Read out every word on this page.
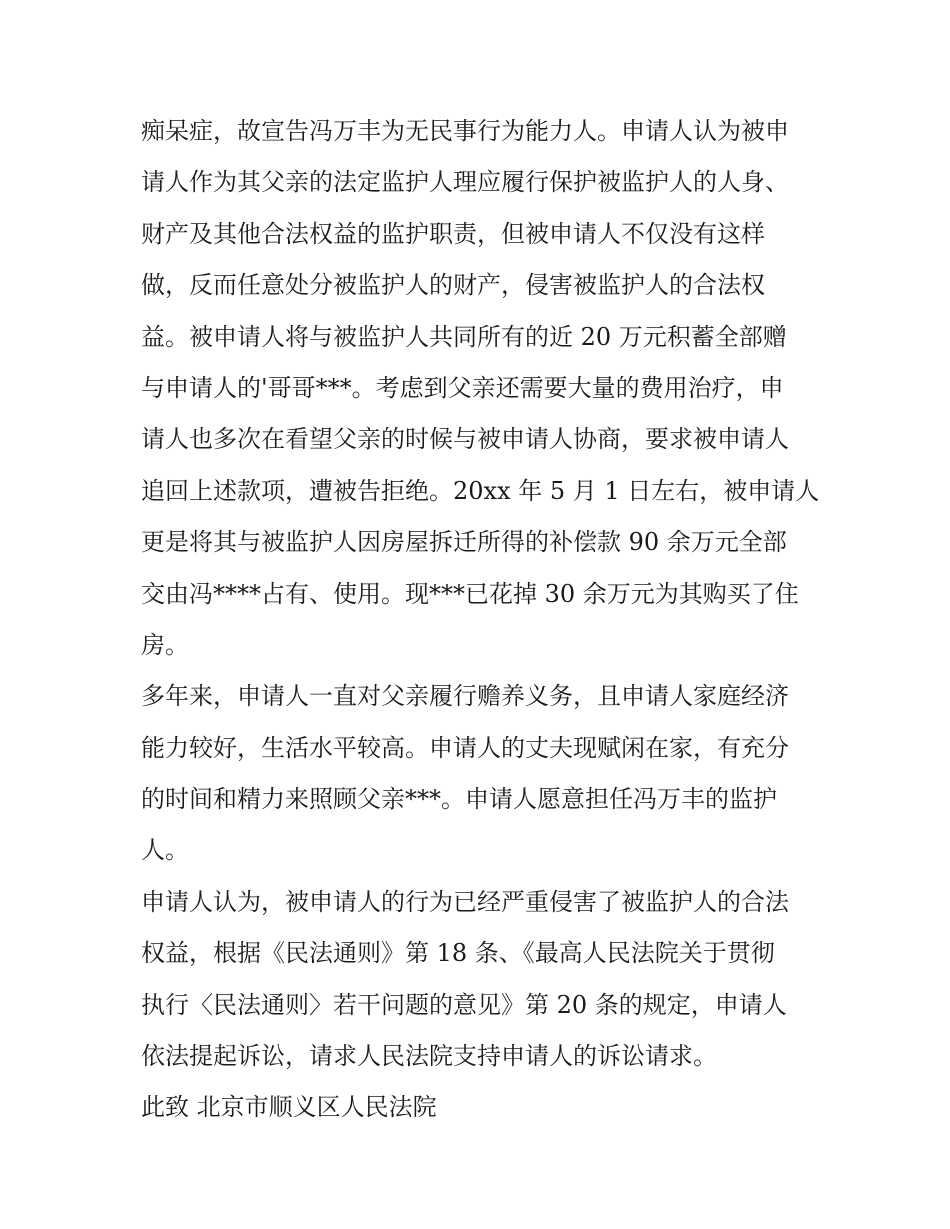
痴呆症，故宣告冯万丰为无民事行为能力人。申请人认为被申
请人作为其父亲的法定监护人理应履行保护被监护人的人身、
财产及其他合法权益的监护职责，但被申请人不仅没有这样
做，反而任意处分被监护人的财产，侵害被监护人的合法权
益。被申请人将与被监护人共同所有的近 20 万元积蓄全部赠
与申请人的'哥哥***。考虑到父亲还需要大量的费用治疗，申
请人也多次在看望父亲的时候与被申请人协商，要求被申请人
追回上述款项，遭被告拒绝。20xx 年 5 月 1 日左右，被申请人
更是将其与被监护人因房屋拆迁所得的补偿款 90 余万元全部
交由冯****占有、使用。现***已花掉 30 余万元为其购买了住
房。
多年来，申请人一直对父亲履行赡养义务，且申请人家庭经济
能力较好，生活水平较高。申请人的丈夫现赋闲在家，有充分
的时间和精力来照顾父亲***。申请人愿意担任冯万丰的监护
人。
申请人认为，被申请人的行为已经严重侵害了被监护人的合法
权益，根据《民法通则》第 18 条、《最高人民法院关于贯彻
执行〈民法通则〉若干问题的意见》第 20 条的规定，申请人
依法提起诉讼，请求人民法院支持申请人的诉讼请求。
此致 北京市顺义区人民法院
